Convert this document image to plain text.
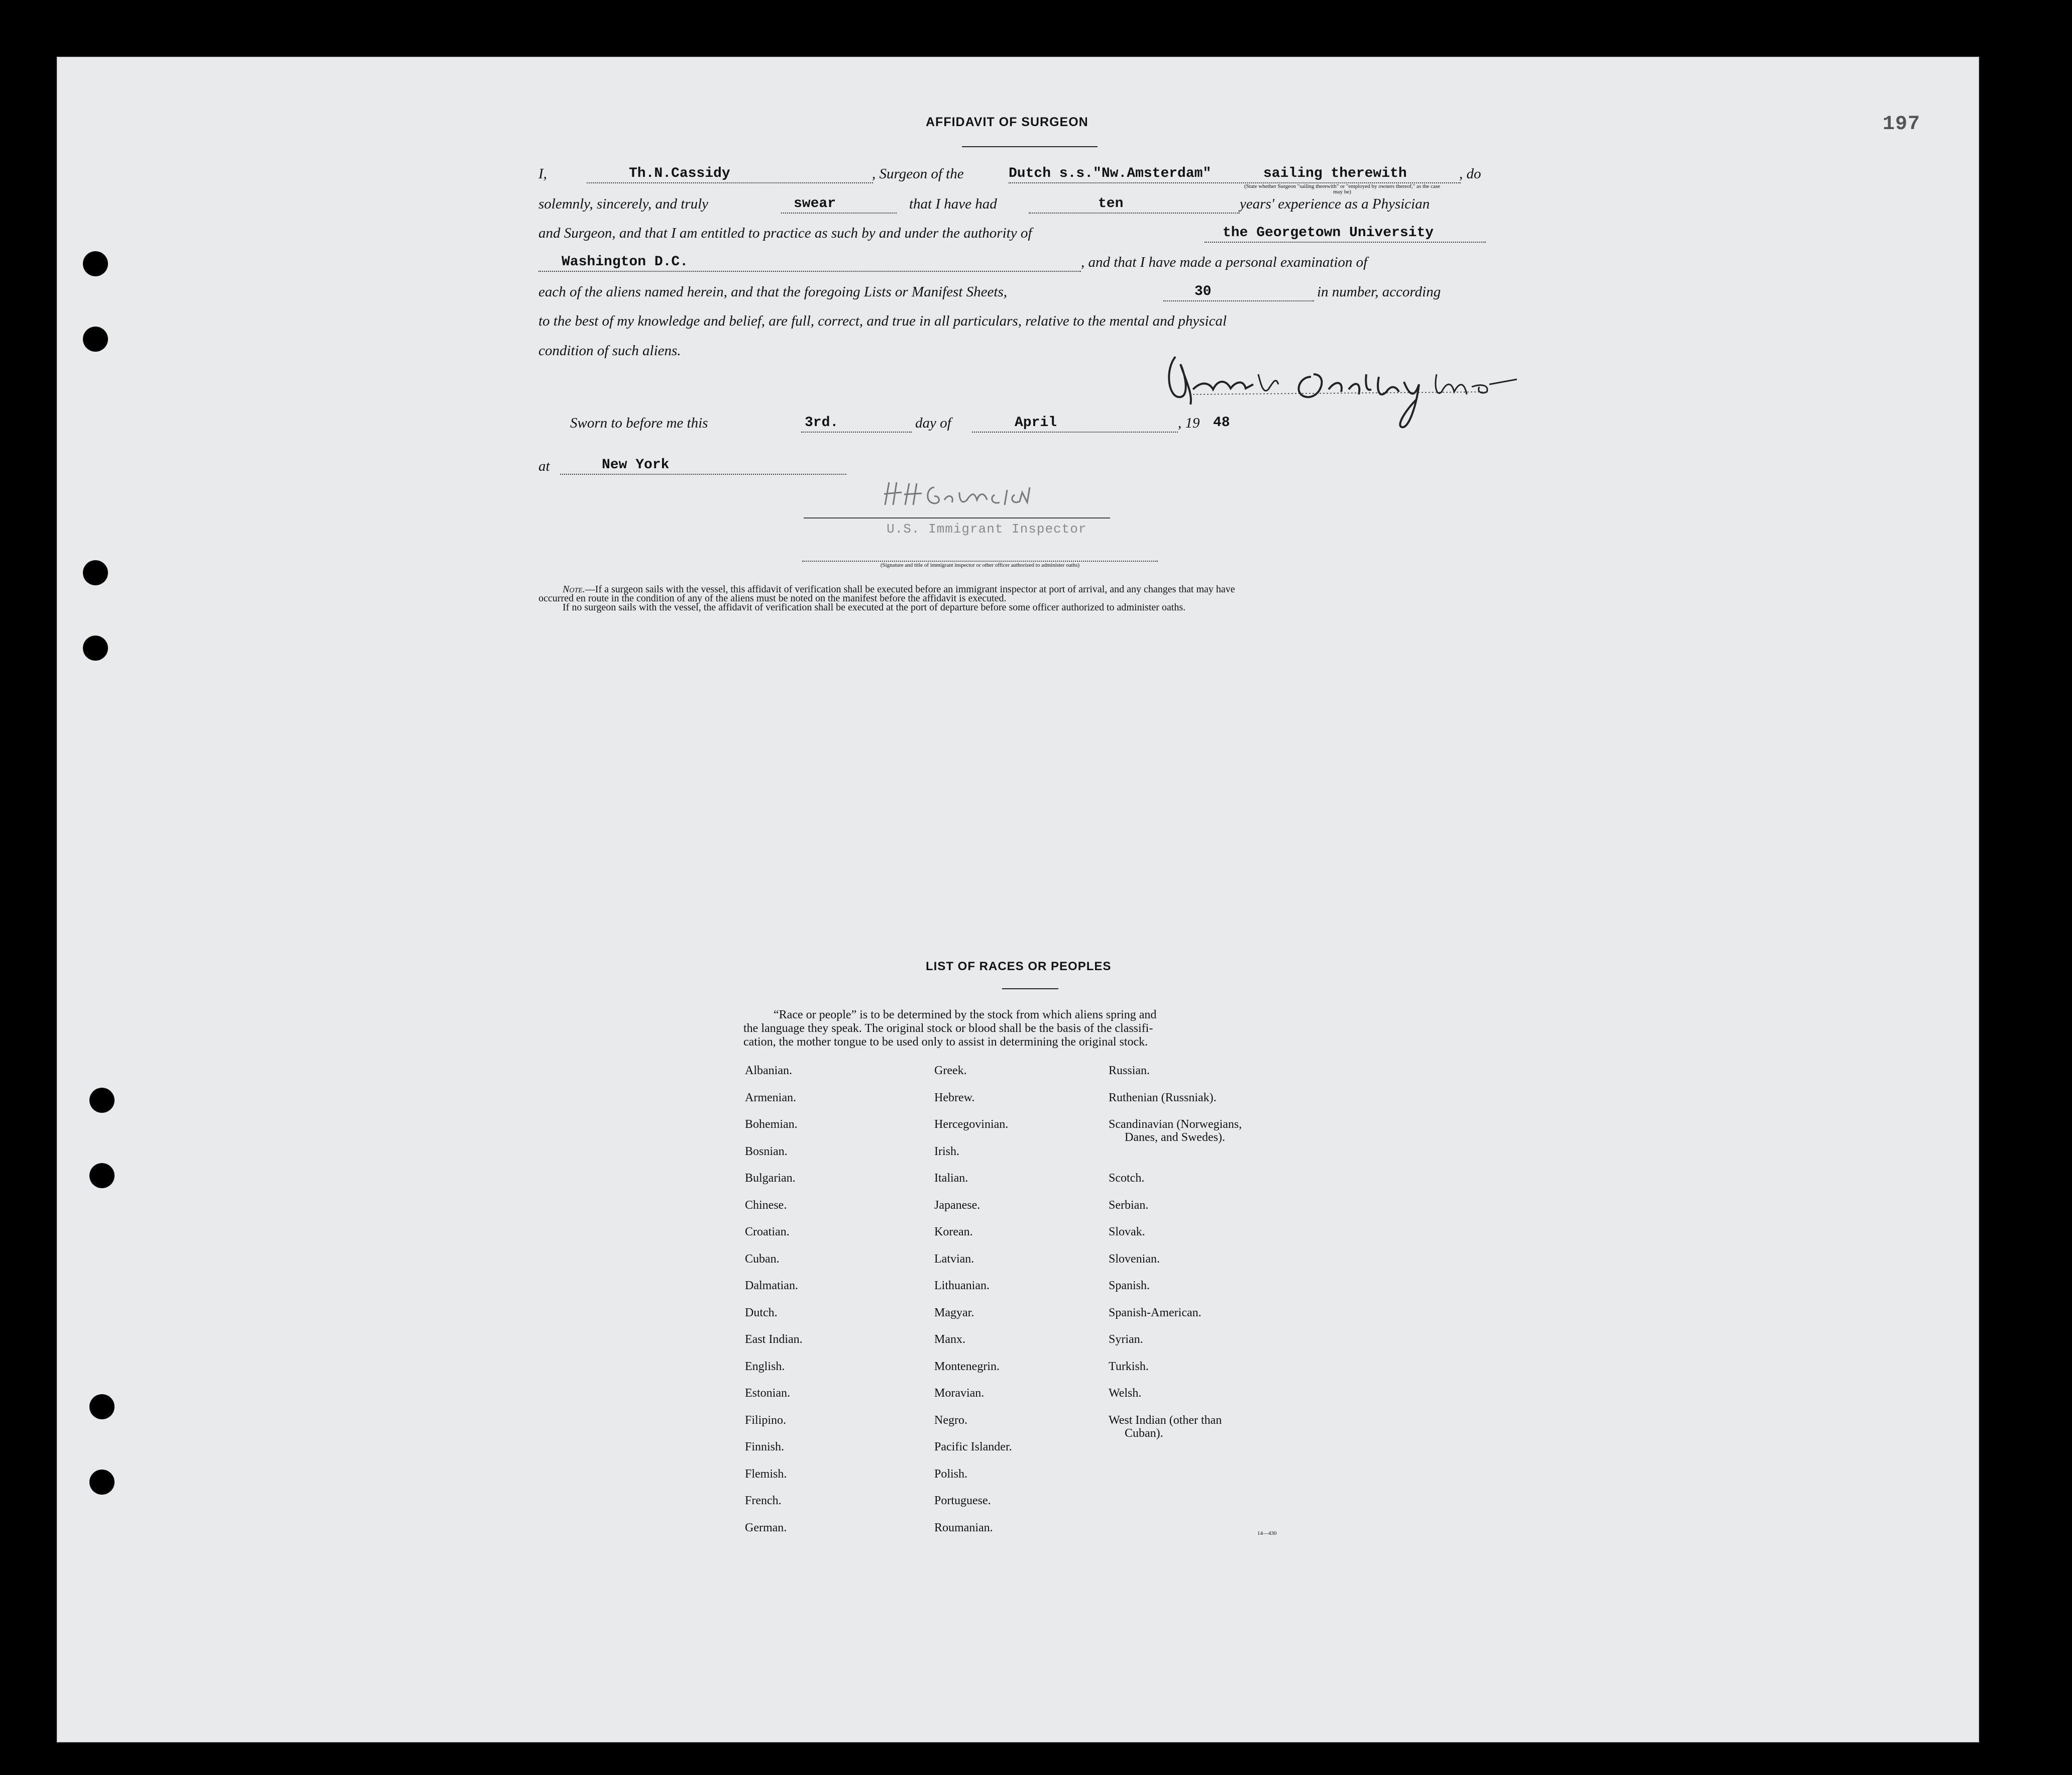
197
AFFIDAVIT OF SURGEON
I,	Th.N.Cassidy	, Surgeon of the	Dutch s.s."Nw.Amsterdam"	sailing therewith	, do
(State whether Surgeon "sailing therewith" or "employed by owners thereof," as the case may be)
solemnly, sincerely, and truly	swear	that I have had	ten	years' experience as a Physician
and Surgeon, and that I am entitled to practice as such by and under the authority of	the Georgetown University
Washington D.C.	, and that I have made a personal examination of
each of the aliens named herein, and that the foregoing Lists or Manifest Sheets,	30	in number, according
to the best of my knowledge and belief, are full, correct, and true in all particulars, relative to the mental and physical
condition of such aliens.
Sworn to before me this	3rd.	day of	April	, 19 48
at	New York
U.S. Immigrant Inspector
(Signature and title of immigrant inspector or other officer authorized to administer oaths)
Note.—If a surgeon sails with the vessel, this affidavit of verification shall be executed before an immigrant inspector at port of arrival, and any changes that may have
occurred en route in the condition of any of the aliens must be noted on the manifest before the affidavit is executed.
If no surgeon sails with the vessel, the affidavit of verification shall be executed at the port of departure before some officer authorized to administer oaths.
LIST OF RACES OR PEOPLES
“Race or people” is to be determined by the stock from which aliens spring and
the language they speak. The original stock or blood shall be the basis of the classifi-
cation, the mother tongue to be used only to assist in determining the original stock.
Albanian.
Armenian.
Bohemian.
Bosnian.
Bulgarian.
Chinese.
Croatian.
Cuban.
Dalmatian.
Dutch.
East Indian.
English.
Estonian.
Filipino.
Finnish.
Flemish.
French.
German.
Greek.
Hebrew.
Hercegovinian.
Irish.
Italian.
Japanese.
Korean.
Latvian.
Lithuanian.
Magyar.
Manx.
Montenegrin.
Moravian.
Negro.
Pacific Islander.
Polish.
Portuguese.
Roumanian.
Russian.
Ruthenian (Russniak).
Scandinavian (Norwegians,
Danes, and Swedes).
Scotch.
Serbian.
Slovak.
Slovenian.
Spanish.
Spanish-American.
Syrian.
Turkish.
Welsh.
West Indian (other than
Cuban).
14—430
